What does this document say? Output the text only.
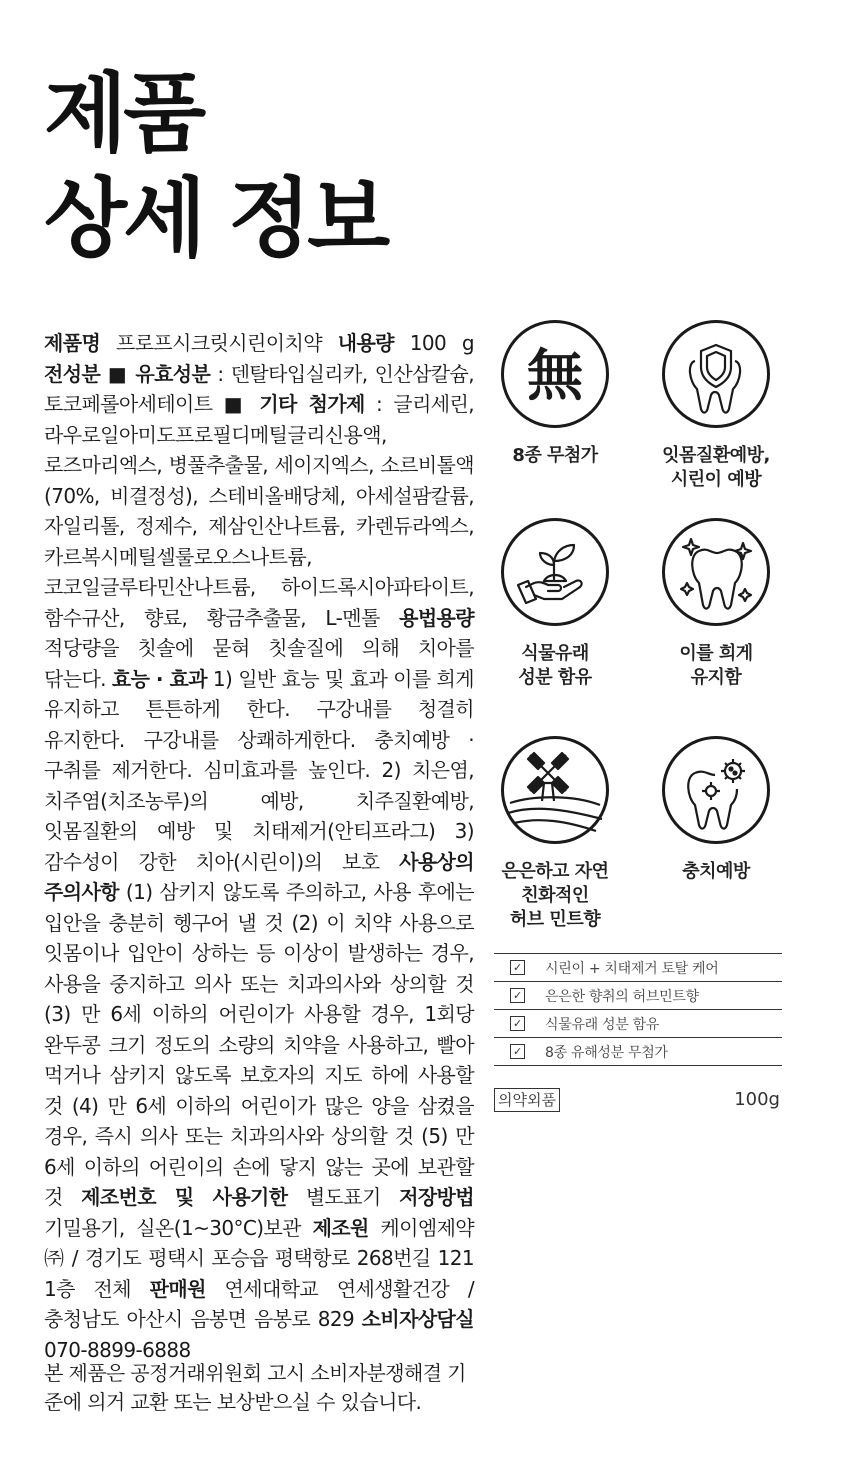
제품
상세 정보

제품명 프로프시크릿시린이치약 내용량 100 g 전성분 ■ 유효성분 : 덴탈타입실리카, 인산삼칼슘, 토코페롤아세테이트 ■ 기타 첨가제 : 글리세린, 라우로일아미도프로필디메틸글리신용액, 로즈마리엑스, 병풀추출물, 세이지엑스, 소르비톨액(70%, 비결정성), 스테비올배당체, 아세설팜칼륨, 자일리톨, 정제수, 제삼인산나트륨, 카렌듀라엑스, 카르복시메틸셀룰로오스나트륨, 코코일글루타민산나트륨, 하이드록시아파타이트, 함수규산, 향료, 황금추출물, L-멘톨 용법용량 적당량을 칫솔에 묻혀 칫솔질에 의해 치아를 닦는다. 효능 · 효과 1) 일반 효능 및 효과 이를 희게 유지하고 튼튼하게 한다. 구강내를 청결히 유지한다. 구강내를 상쾌하게한다. 충치예방 · 구취를 제거한다. 심미효과를 높인다. 2) 치은염, 치주염(치조농루)의 예방, 치주질환예방, 잇몸질환의 예방 및 치태제거(안티프라그) 3) 감수성이 강한 치아(시린이)의 보호 사용상의 주의사항 (1) 삼키지 않도록 주의하고, 사용 후에는 입안을 충분히 헹구어 낼 것 (2) 이 치약 사용으로 잇몸이나 입안이 상하는 등 이상이 발생하는 경우, 사용을 중지하고 의사 또는 치과의사와 상의할 것 (3) 만 6세 이하의 어린이가 사용할 경우, 1회당 완두콩 크기 정도의 소량의 치약을 사용하고, 빨아 먹거나 삼키지 않도록 보호자의 지도 하에 사용할 것 (4) 만 6세 이하의 어린이가 많은 양을 삼켰을 경우, 즉시 의사 또는 치과의사와 상의할 것 (5) 만 6세 이하의 어린이의 손에 닿지 않는 곳에 보관할 것 제조번호 및 사용기한 별도표기 저장방법 기밀용기, 실온(1~30°C)보관 제조원 케이엠제약㈜ / 경기도 평택시 포승읍 평택항로 268번길 121 1층 전체 판매원 연세대학교 연세생활건강 / 충청남도 아산시 음봉면 음봉로 829 소비자상담실 070-8899-6888

본 제품은 공정거래위원회 고시 소비자분쟁해결 기준에 의거 교환 또는 보상받으실 수 있습니다.

無
8종 무첨가	잇몸질환예방,
시린이 예방
식물유래
성분 함유
이를 희게
유지함
은은하고 자연
친화적인
허브 민트향
충치예방
✓ 시린이 + 치태제거 토탈 케어
✓ 은은한 향취의 허브민트향
✓ 식물유래 성분 함유
✓ 8종 유해성분 무첨가
의약외품	100g
